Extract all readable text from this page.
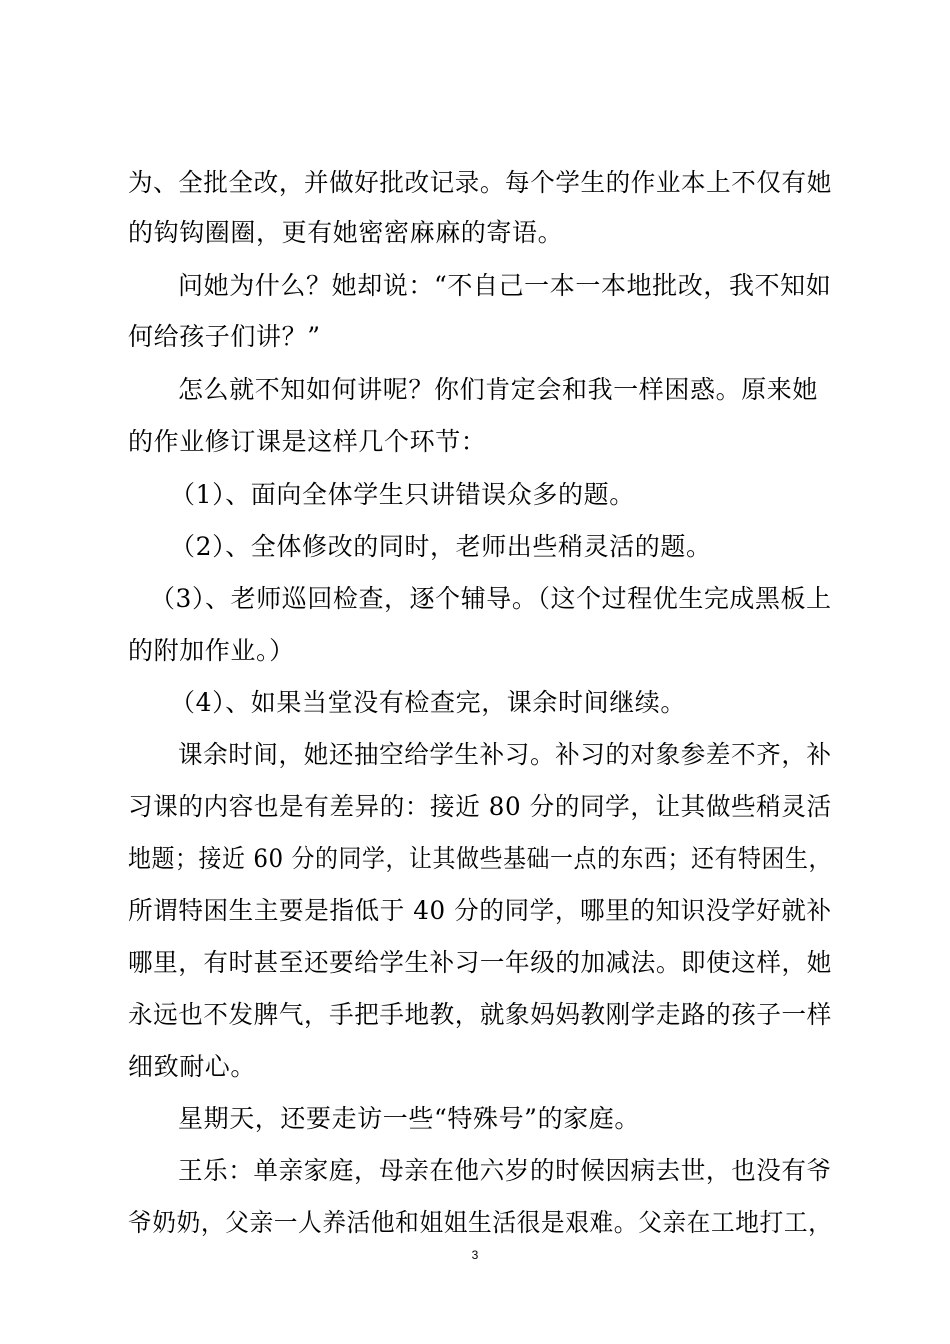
为、全批全改，并做好批改记录。每个学生的作业本上不仅有她
的钩钩圈圈，更有她密密麻麻的寄语。
问她为什么？她却说：“不自己一本一本地批改，我不知如
何给孩子们讲？”
怎么就不知如何讲呢？你们肯定会和我一样困惑。原来她
的作业修订课是这样几个环节：
（1）、面向全体学生只讲错误众多的题。
（2）、全体修改的同时，老师出些稍灵活的题。
（3）、老师巡回检查，逐个辅导。（这个过程优生完成黑板上
的附加作业。）
（4）、如果当堂没有检查完，课余时间继续。
课余时间，她还抽空给学生补习。补习的对象参差不齐，补
习课的内容也是有差异的：接近 80 分的同学，让其做些稍灵活
地题；接近 60 分的同学，让其做些基础一点的东西；还有特困生，
所谓特困生主要是指低于 40 分的同学，哪里的知识没学好就补
哪里，有时甚至还要给学生补习一年级的加减法。即使这样，她
永远也不发脾气，手把手地教，就象妈妈教刚学走路的孩子一样
细致耐心。
星期天，还要走访一些“特殊号”的家庭。
王乐：单亲家庭，母亲在他六岁的时候因病去世，也没有爷
爷奶奶，父亲一人养活他和姐姐生活很是艰难。父亲在工地打工，
3
